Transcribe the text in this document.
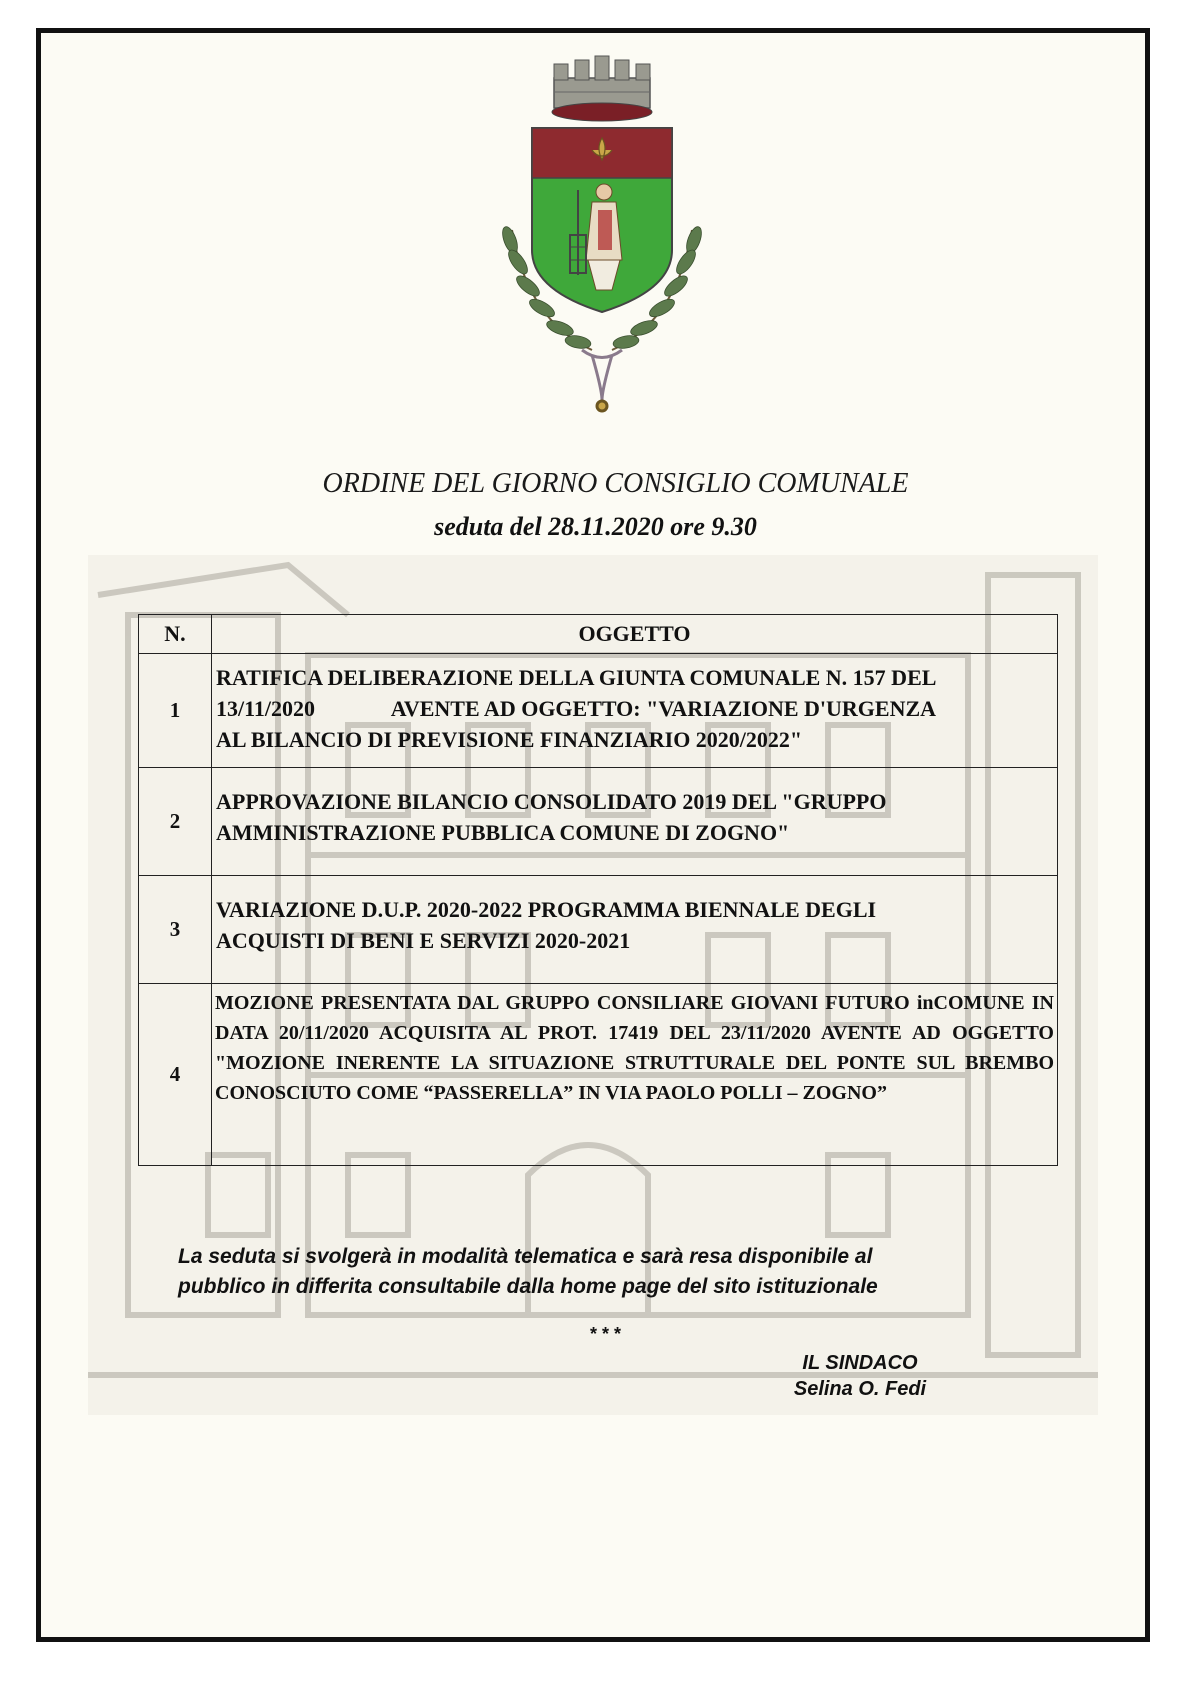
ORDINE DEL GIORNO CONSIGLIO COMUNALE
seduta del 28.11.2020 ore 9.30
N.	OGGETTO
1	RATIFICA DELIBERAZIONE DELLA GIUNTA COMUNALE N. 157 DEL
13/11/2020              AVENTE AD OGGETTO: "VARIAZIONE D'URGENZA
AL BILANCIO DI PREVISIONE FINANZIARIO 2020/2022"

2	APPROVAZIONE BILANCIO CONSOLIDATO 2019 DEL "GRUPPO
AMMINISTRAZIONE PUBBLICA COMUNE DI ZOGNO"

3	VARIAZIONE D.U.P. 2020-2022 PROGRAMMA BIENNALE DEGLI
ACQUISTI DI BENI E SERVIZI 2020-2021

4	MOZIONE PRESENTATA DAL GRUPPO CONSILIARE GIOVANI FUTURO inCOMUNE IN DATA 20/11/2020 ACQUISITA AL PROT. 17419 DEL 23/11/2020 AVENTE AD OGGETTO "MOZIONE INERENTE LA SITUAZIONE STRUTTURALE DEL PONTE SUL BREMBO CONOSCIUTO COME “PASSERELLA” IN VIA PAOLO POLLI – ZOGNO”
La seduta si svolgerà in modalità telematica e sarà resa disponibile al
pubblico in differita consultabile dalla home page del sito istituzionale
* * *
IL SINDACO
Selina O. Fedi
